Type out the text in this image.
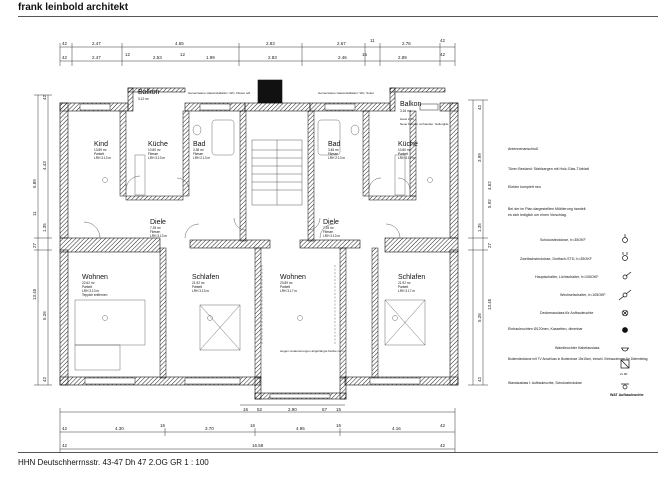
frank leinbold architekt
HHN Deutschherrnsstr. 43-47 Dh 47 2.OG GR 1 : 100
42	2.47	4.65	2.83	2.67
11
2.76
42
42	2.47
12
2.53
12
1.99	2.83	2.46
16
2.89
42
16 52	2.90	67 15
42	4.30
16
3.70
16
4.95
16
4.16
42
42	16.58	42
42
4.43
5.89
1.35
11
27
5.26
13.45
42
42
3.99
4.62
27
1.35
5.92
42
5.26
13.45
Balkon
3.12 m²
Balkon
3.16 m²
Kind
13.89 m²
Parkett
LRH 3.13 m
Küche
10.80 m²
Fliesen
LRH 3.13 m
Bad
3.38 m²
Fliesen
LRH 2.13 m
Bad
3.45 m²
Fliesen
LRH 2.13 m
Küche
10.80 m²
Parkett
LRH 3.17 m
Diele
7.25 m²
Fliesen
LRH 3.13 m
Diele
7.25 m²
Fliesen
LRH 3.13 m
Wohnen
22.62 m²
Parkett
LRH 3.13 m
Teppich entfernen
Schlafen
21.92 m²
Parkett
LRH 3.13 m
Wohnen
23.89 m²
Parkett
LRH 3.17 m
Schlafen
21.92 m²
Parkett
LRH 3.17 m
Gemeinsame Hausinstallation: WC, Flieser a/d	Gemeinsame Hausinstallation: WC, Soker
Neue Fenster vorhanden: Isolierglas
Haus 2.74
wegen restaurierungen abgehängte Decke ca. m
Antennenanschluß
Türen Bestand: Stahlzargen mit Holz-Glas-Türblatt
Elektro komplett neu
Bei der im Plan dargestellten Möblierung handelt
es sich lediglich um einen Vorschlag.
Schukosteckdose, h=35OKF
Zweifachsteckdose, Dreifach-STD, h=35OKF
Hauptschalter, Lichtschalter, h=105OKF
Wechselschalter, h=105OKF
Deckenauslass für Aufbauleuchte
Einbauleuchten Ø120mm, Kassetteo, dimmbar
Wandleuchter Kabelauslass
Bodensteckdose mit TV Anschluss in Bodendose 15x15cm, einschl. Einbaurahmen für Dielenbelag
Wandauslass f. Aufbauleuchte, Schukosteckdose
WAT Aufbauleuchte
2x 80
